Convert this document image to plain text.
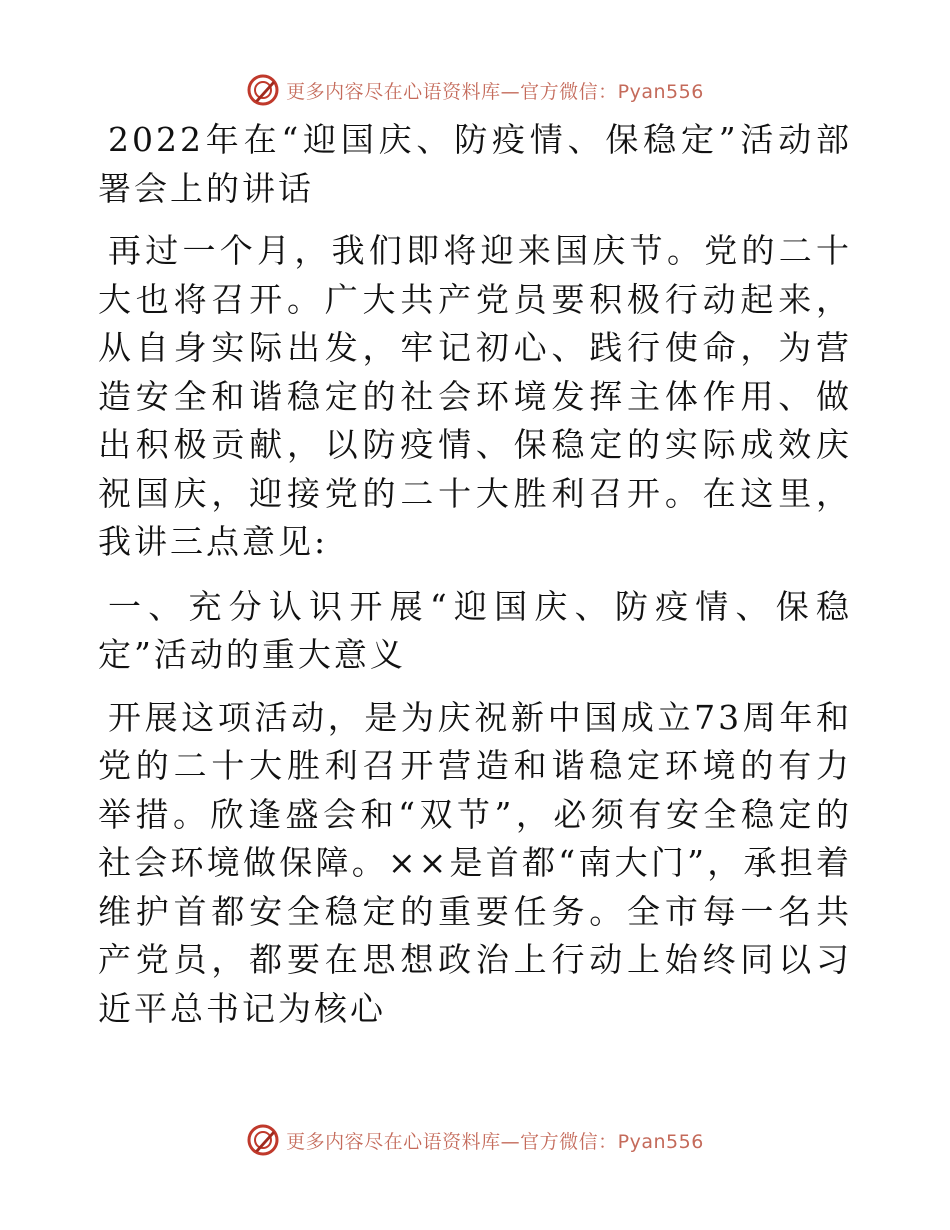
更多内容尽在心语资料库—官方微信：Pyan556

2022年在“迎国庆、防疫情、保稳定”活动部署会上的讲话

再过一个月，我们即将迎来国庆节。党的二十大也将召开。广大共产党员要积极行动起来，从自身实际出发，牢记初心、践行使命，为营造安全和谐稳定的社会环境发挥主体作用、做出积极贡献，以防疫情、保稳定的实际成效庆祝国庆，迎接党的二十大胜利召开。在这里，我讲三点意见:

一、充分认识开展“迎国庆、防疫情、保稳定”活动的重大意义

开展这项活动，是为庆祝新中国成立73周年和党的二十大胜利召开营造和谐稳定环境的有力举措。欣逢盛会和“双节”，必须有安全稳定的社会环境做保障。××是首都“南大门”，承担着维护首都安全稳定的重要任务。全市每一名共产党员，都要在思想政治上行动上始终同以习近平总书记为核心

更多内容尽在心语资料库—官方微信：Pyan556
